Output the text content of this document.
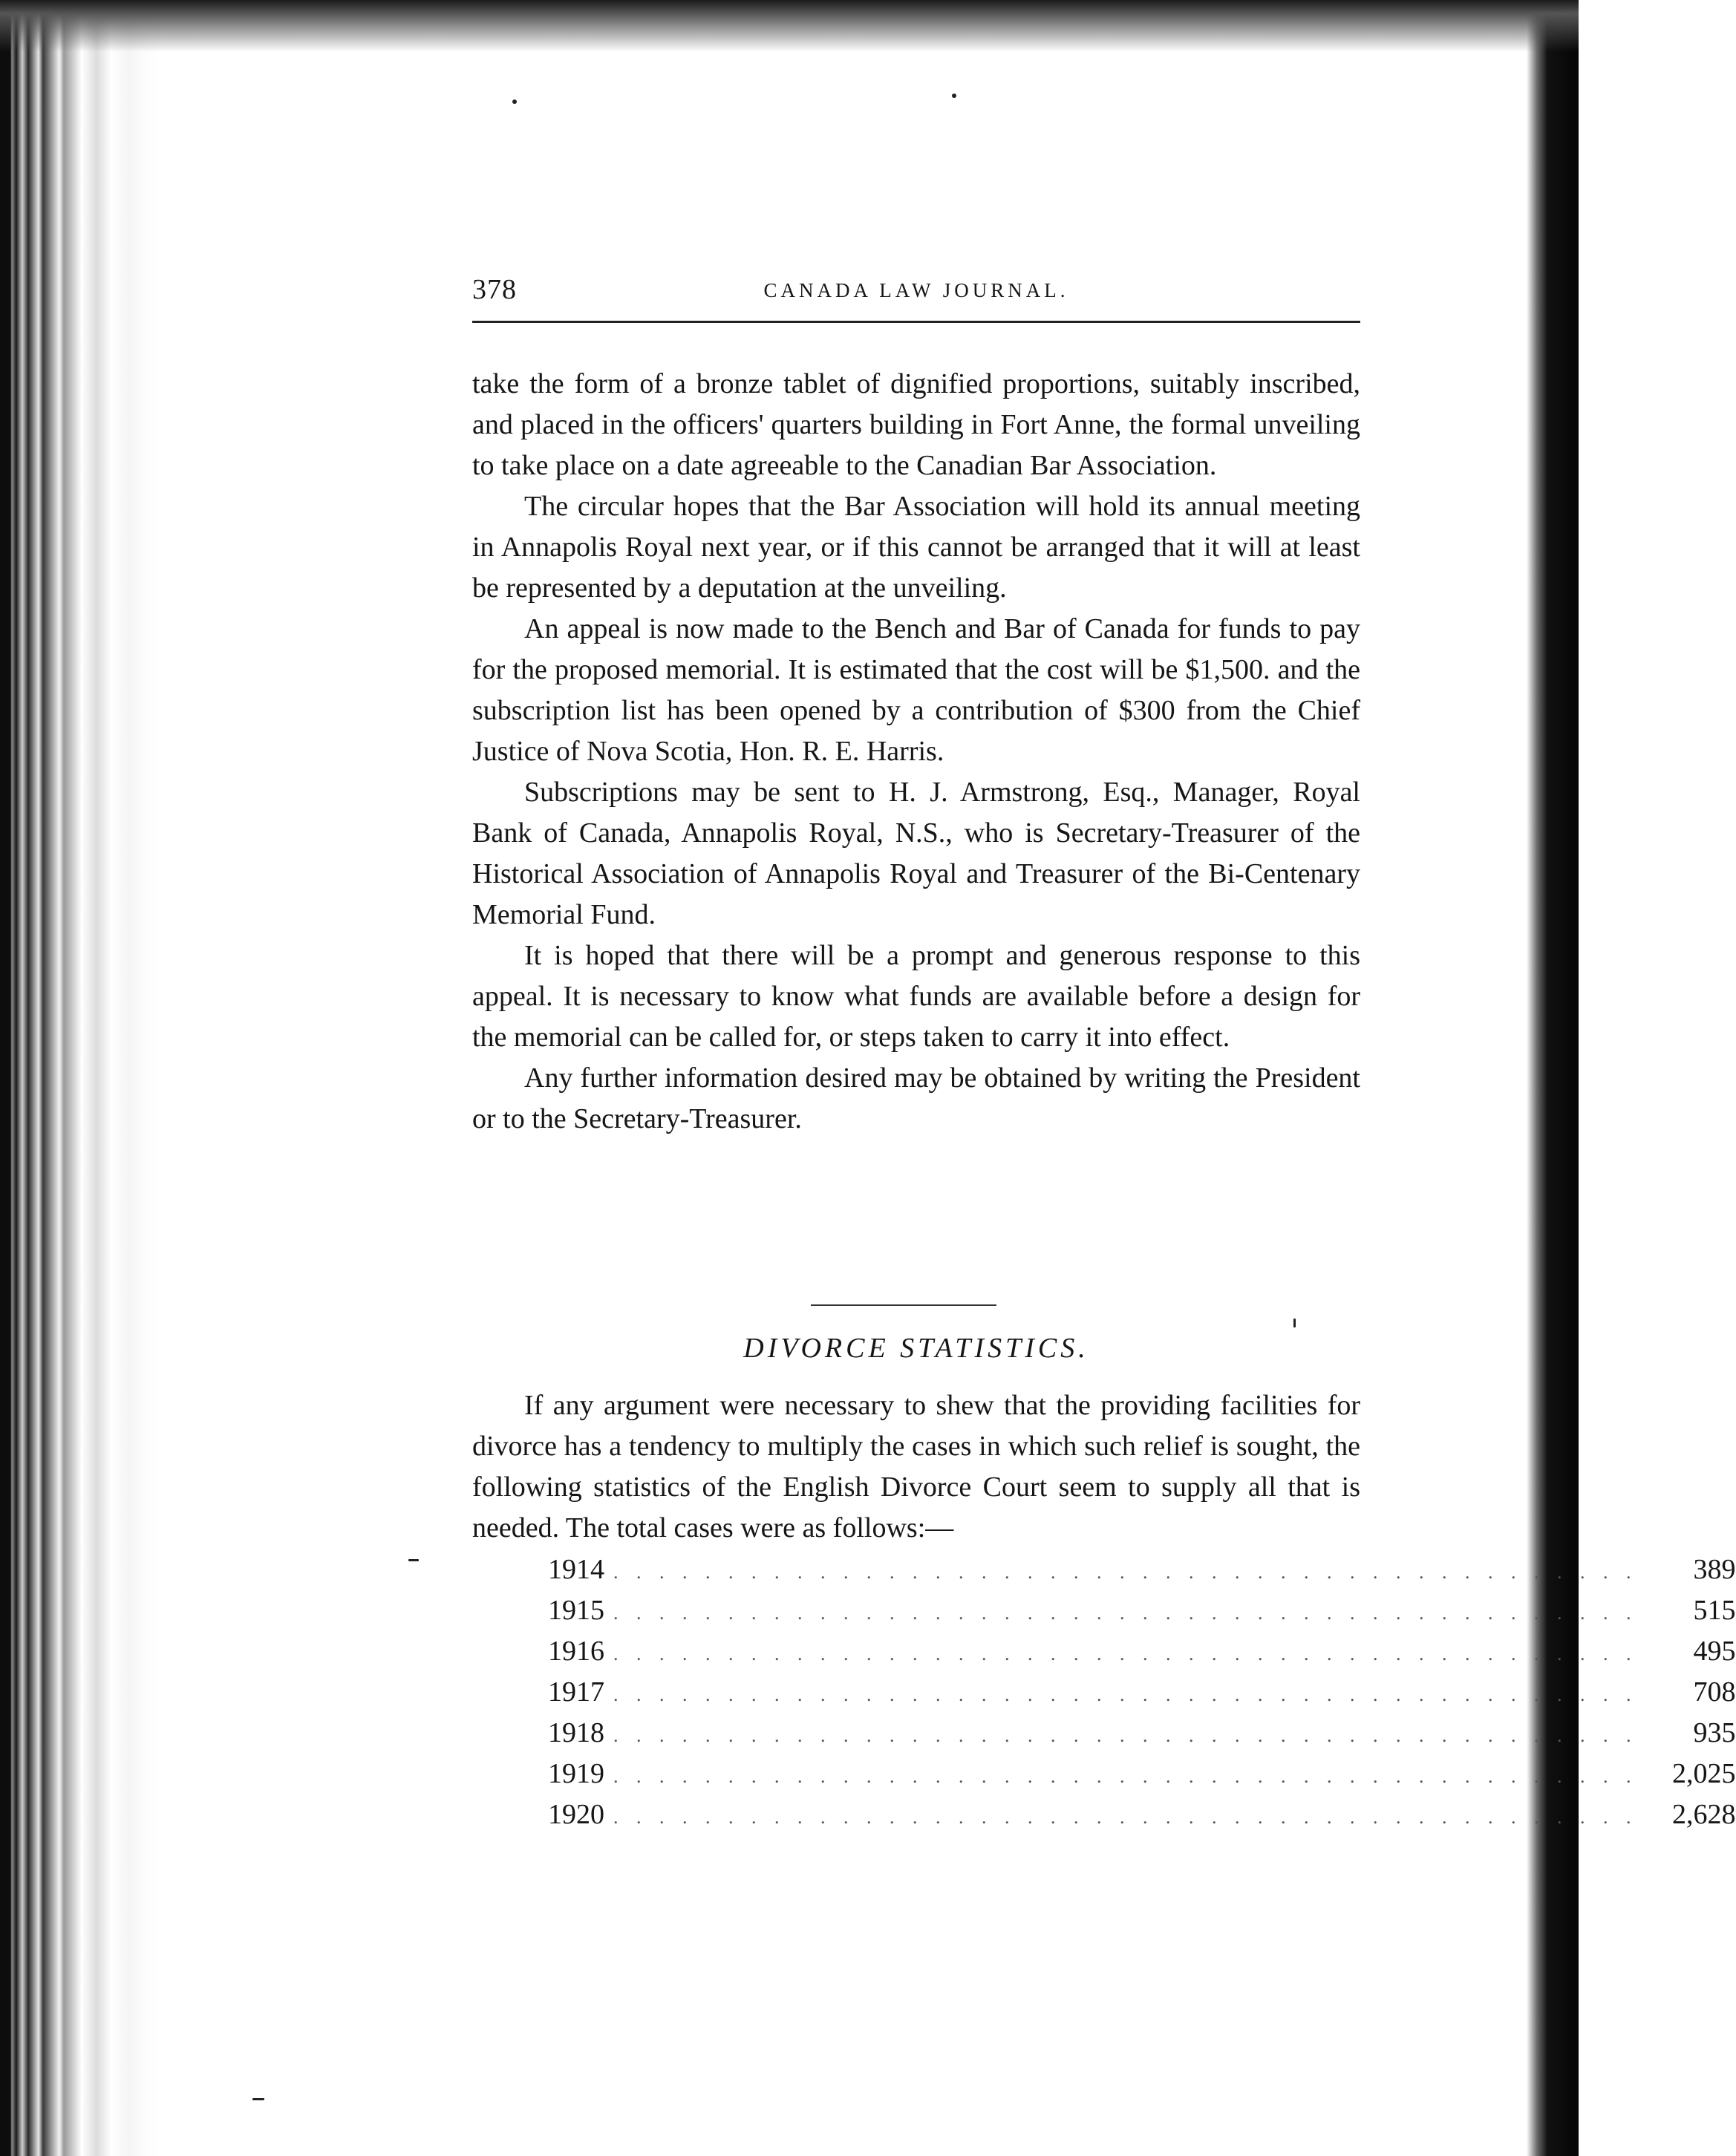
378	CANADA LAW JOURNAL.

take the form of a bronze tablet of dignified proportions, suitably inscribed, and placed in the officers' quarters building in Fort Anne, the formal unveiling to take place on a date agreeable to the Canadian Bar Association.

The circular hopes that the Bar Association will hold its annual meeting in Annapolis Royal next year, or if this cannot be arranged that it will at least be represented by a deputation at the unveiling.

An appeal is now made to the Bench and Bar of Canada for funds to pay for the proposed memorial. It is estimated that the cost will be $1,500. and the subscription list has been opened by a contribution of $300 from the Chief Justice of Nova Scotia, Hon. R. E. Harris.

Subscriptions may be sent to H. J. Armstrong, Esq., Manager, Royal Bank of Canada, Annapolis Royal, N.S., who is Secretary-Treasurer of the Historical Association of Annapolis Royal and Treasurer of the Bi-Centenary Memorial Fund.

It is hoped that there will be a prompt and generous response to this appeal. It is necessary to know what funds are available before a design for the memorial can be called for, or steps taken to carry it into effect.

Any further information desired may be obtained by writing the President or to the Secretary-Treasurer.

DIVORCE STATISTICS.

If any argument were necessary to shew that the providing facilities for divorce has a tendency to multiply the cases in which such relief is sought, the following statistics of the English Divorce Court seem to supply all that is needed. The total cases were as follows:—

1914 . . . . . . . . . . . . . . . . . . . . . . . . . . . . . . . . . . . . . . . . . . . . .	389
1915 . . . . . . . . . . . . . . . . . . . . . . . . . . . . . . . . . . . . . . . . . . . . .	515
1916 . . . . . . . . . . . . . . . . . . . . . . . . . . . . . . . . . . . . . . . . . . . . .	495
1917 . . . . . . . . . . . . . . . . . . . . . . . . . . . . . . . . . . . . . . . . . . . . .	708
1918 . . . . . . . . . . . . . . . . . . . . . . . . . . . . . . . . . . . . . . . . . . . . .	935
1919 . . . . . . . . . . . . . . . . . . . . . . . . . . . . . . . . . . . . . . . . . . . . .	2,025
1920 . . . . . . . . . . . . . . . . . . . . . . . . . . . . . . . . . . . . . . . . . . . . .	2,628
